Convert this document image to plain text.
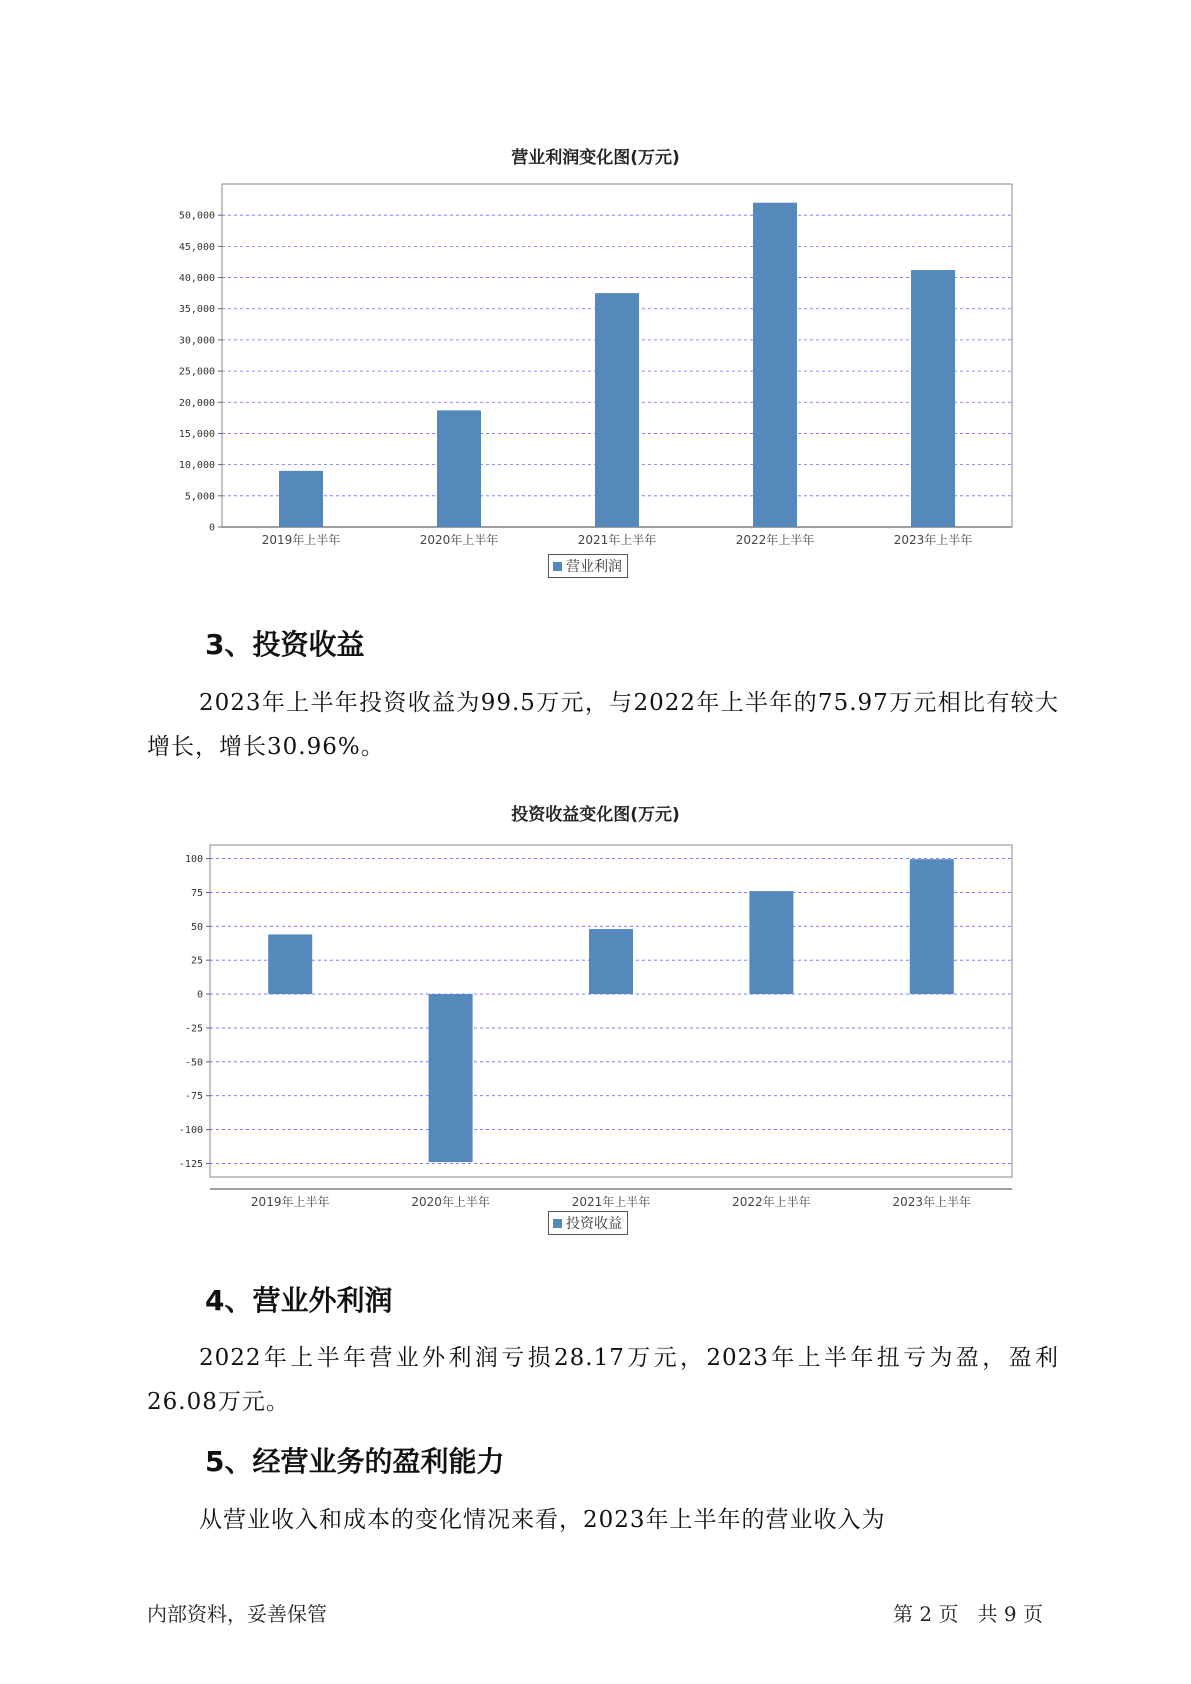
营业利润变化图(万元)
0
5,000
10,000
15,000
20,000
25,000
30,000
35,000
40,000
45,000
50,000
2019年上半年	2020年上半年	2021年上半年	2022年上半年	2023年上半年
营业利润
3、投资收益

2023年上半年投资收益为99.5万元，与2022年上半年的75.97万元相比有较大增长，增长30.96%。

投资收益变化图(万元)
-125
-100
-75
-50
-25
0
25
50
75
100
2019年上半年	2020年上半年	2021年上半年	2022年上半年	2023年上半年
投资收益
4、营业外利润

2022年上半年营业外利润亏损28.17万元，2023年上半年扭亏为盈，盈利26.08万元。

5、经营业务的盈利能力

从营业收入和成本的变化情况来看，2023年上半年的营业收入为

内部资料，妥善保管	第 2 页   共 9 页
